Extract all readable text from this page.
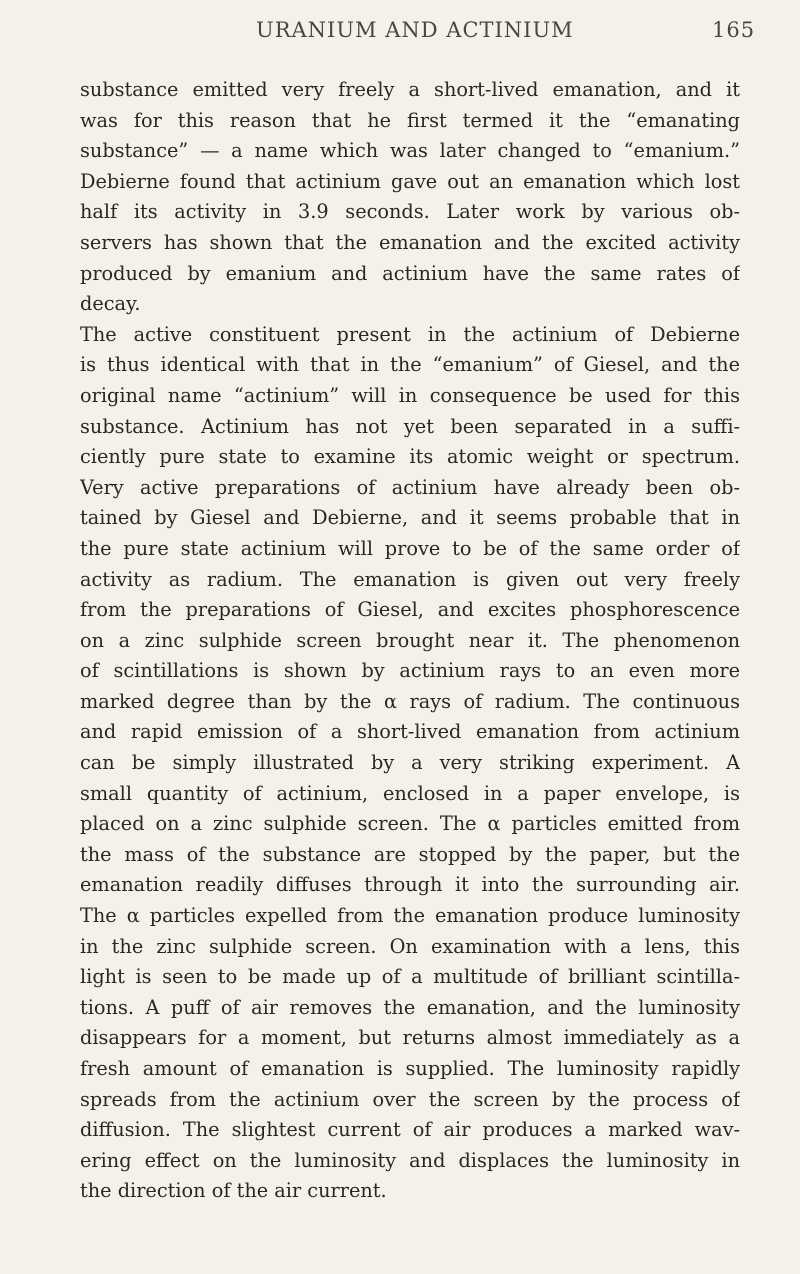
URANIUM AND ACTINIUM	165
substance emitted very freely a short-lived emanation, and it
was for this reason that he first termed it the “emanating
substance” — a name which was later changed to “emanium.”
Debierne found that actinium gave out an emanation which lost
half its activity in 3.9 seconds. Later work by various ob-
servers has shown that the emanation and the excited activity
produced by emanium and actinium have the same rates of
decay.
The active constituent present in the actinium of Debierne
is thus identical with that in the “emanium” of Giesel, and the
original name “actinium” will in consequence be used for this
substance. Actinium has not yet been separated in a suffi-
ciently pure state to examine its atomic weight or spectrum.
Very active preparations of actinium have already been ob-
tained by Giesel and Debierne, and it seems probable that in
the pure state actinium will prove to be of the same order of
activity as radium. The emanation is given out very freely
from the preparations of Giesel, and excites phosphorescence
on a zinc sulphide screen brought near it. The phenomenon
of scintillations is shown by actinium rays to an even more
marked degree than by the α rays of radium. The continuous
and rapid emission of a short-lived emanation from actinium
can be simply illustrated by a very striking experiment. A
small quantity of actinium, enclosed in a paper envelope, is
placed on a zinc sulphide screen. The α particles emitted from
the mass of the substance are stopped by the paper, but the
emanation readily diffuses through it into the surrounding air.
The α particles expelled from the emanation produce luminosity
in the zinc sulphide screen. On examination with a lens, this
light is seen to be made up of a multitude of brilliant scintilla-
tions. A puff of air removes the emanation, and the luminosity
disappears for a moment, but returns almost immediately as a
fresh amount of emanation is supplied. The luminosity rapidly
spreads from the actinium over the screen by the process of
diffusion. The slightest current of air produces a marked wav-
ering effect on the luminosity and displaces the luminosity in
the direction of the air current.
